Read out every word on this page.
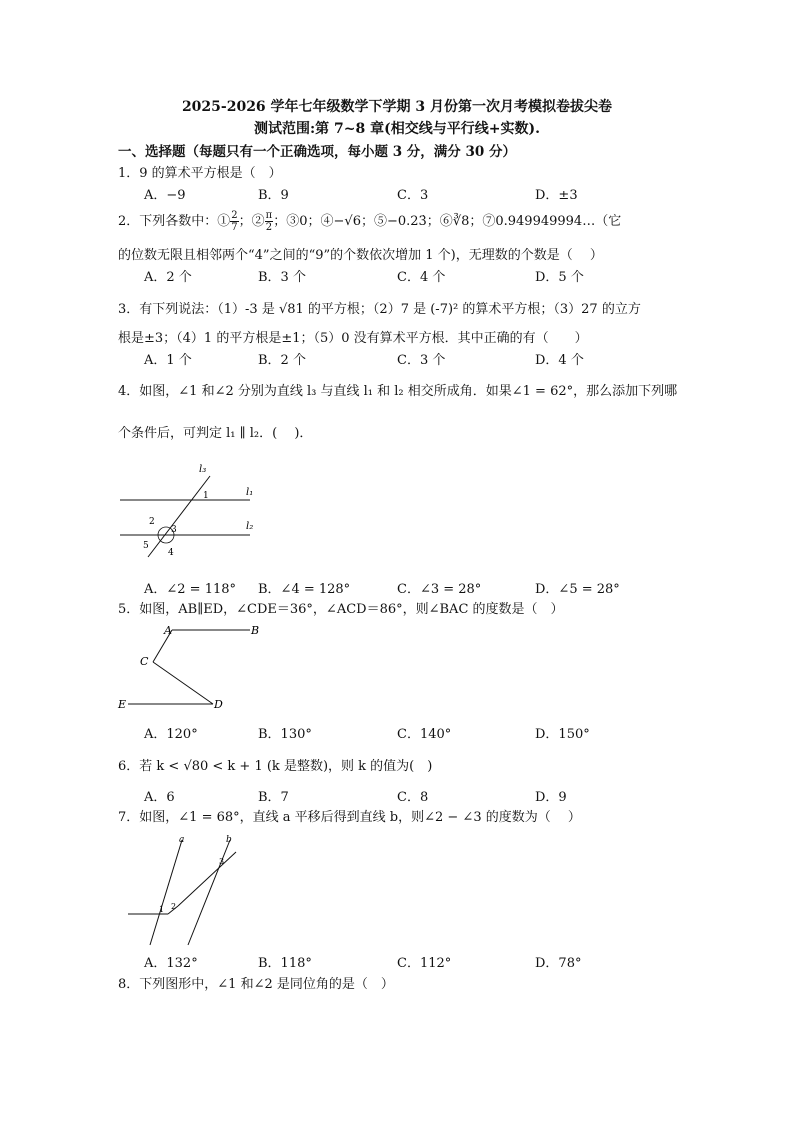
2025-2026 学年七年级数学下学期 3 月份第一次月考模拟卷拔尖卷
测试范围:第 7~8 章(相交线与平行线+实数).
一、选择题（每题只有一个正确选项，每小题 3 分，满分 30 分）
1．9 的算术平方根是（　）
A．−9	B．9	C．3	D．±3
2．下列各数中：① $\frac{2}{7}$ ；② $\frac{\pi}{2}$ ；③0；④−√6；⑤−0.23̇；⑥∛8；⑦0.949949994…（它
的位数无限且相邻两个“4”之间的“9”的个数依次增加 1 个)，无理数的个数是（　 ）
A．2 个	B．3 个	C．4 个	D．5 个
3．有下列说法：（1）-3 是 √81 的平方根；（2）7 是 (-7)² 的算术平方根；（3）27 的立方
根是±3；（4）1 的平方根是±1；（5）0 没有算术平方根．其中正确的有（　　）
A．1 个	B．2 个	C．3 个	D．4 个
4．如图，∠1 和∠2 分别为直线 l₃ 与直线 l₁ 和 l₂ 相交所成角．如果∠1 = 62°，那么添加下列哪
个条件后，可判定 l₁ ∥ l₂．(　 )．
l₃
l₁
l₂
1
2
3
4
5
A．∠2 = 118° B．∠4 = 128°	C．∠3 = 28°	D．∠5 = 28°
5．如图，AB∥ED，∠CDE＝36°，∠ACD＝86°，则∠BAC 的度数是（　）
A	B
C
E	D
A．120°	B．130°	C．140°	D．150°
6．若 k < √80 < k + 1 (k 是整数)，则 k 的值为(　)
A．6	B．7	C．8	D．9
7．如图，∠1 = 68°，直线 a 平移后得到直线 b，则∠2 − ∠3 的度数为（　 ）
a	b
1 2
3
A．132°	B．118°	C．112°	D．78°
8．下列图形中，∠1 和∠2 是同位角的是（　）
